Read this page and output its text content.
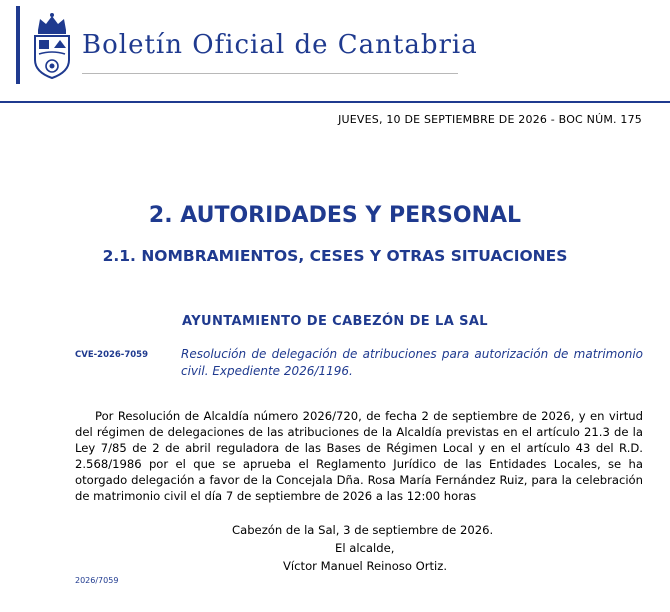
Boletín Oficial de Cantabria
JUEVES, 10 DE SEPTIEMBRE DE 2026 - BOC NÚM. 175
2. AUTORIDADES Y PERSONAL
2.1. NOMBRAMIENTOS, CESES Y OTRAS SITUACIONES
AYUNTAMIENTO DE CABEZÓN DE LA SAL
CVE-2026-7059	Resolución de delegación de atribuciones para autorización de matrimonio civil. Expediente 2026/1196.
Por Resolución de Alcaldía número 2026/720, de fecha 2 de septiembre de 2026, y en virtud del régimen de delegaciones de las atribuciones de la Alcaldía previstas en el artículo 21.3 de la Ley 7/85 de 2 de abril reguladora de las Bases de Régimen Local y en el artículo 43 del R.D. 2.568/1986 por el que se aprueba el Reglamento Jurídico de las Entidades Locales, se ha otorgado delegación a favor de la Concejala Dña. Rosa María Fernández Ruiz, para la celebración de matrimonio civil el día 7 de septiembre de 2026 a las 12:00 horas
Cabezón de la Sal, 3 de septiembre de 2026.
El alcalde,
Víctor Manuel Reinoso Ortiz.
2026/7059
